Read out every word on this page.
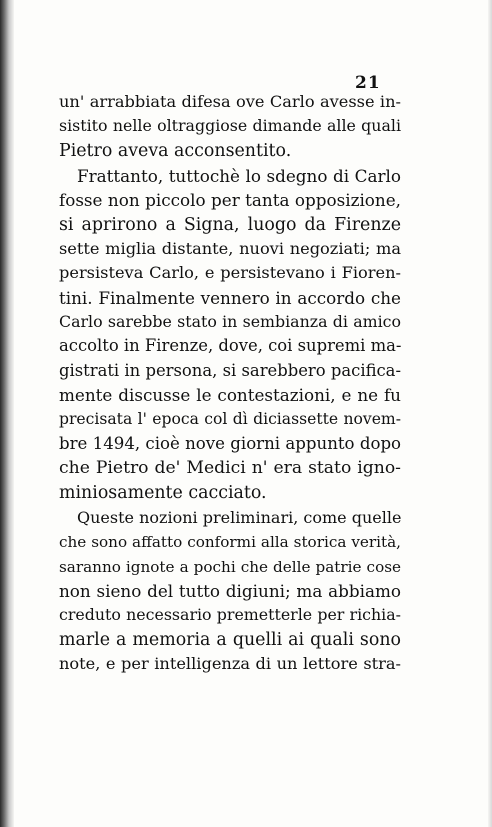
21
un' arrabbiata difesa ove Carlo avesse in-
sistito nelle oltraggiose dimande alle quali
Pietro aveva acconsentito.
Frattanto, tuttochè lo sdegno di Carlo
fosse non piccolo per tanta opposizione,
si aprirono a Signa, luogo da Firenze
sette miglia distante, nuovi negoziati; ma
persisteva Carlo, e persistevano i Fioren-
tini. Finalmente vennero in accordo che
Carlo sarebbe stato in sembianza di amico
accolto in Firenze, dove, coi supremi ma-
gistrati in persona, si sarebbero pacifica-
mente discusse le contestazioni, e ne fu
precisata l' epoca col dì diciassette novem-
bre 1494, cioè nove giorni appunto dopo
che Pietro de' Medici n' era stato igno-
miniosamente cacciato.
Queste nozioni preliminari, come quelle
che sono affatto conformi alla storica verità,
saranno ignote a pochi che delle patrie cose
non sieno del tutto digiuni; ma abbiamo
creduto necessario premetterle per richia-
marle a memoria a quelli ai quali sono
note, e per intelligenza di un lettore stra-
